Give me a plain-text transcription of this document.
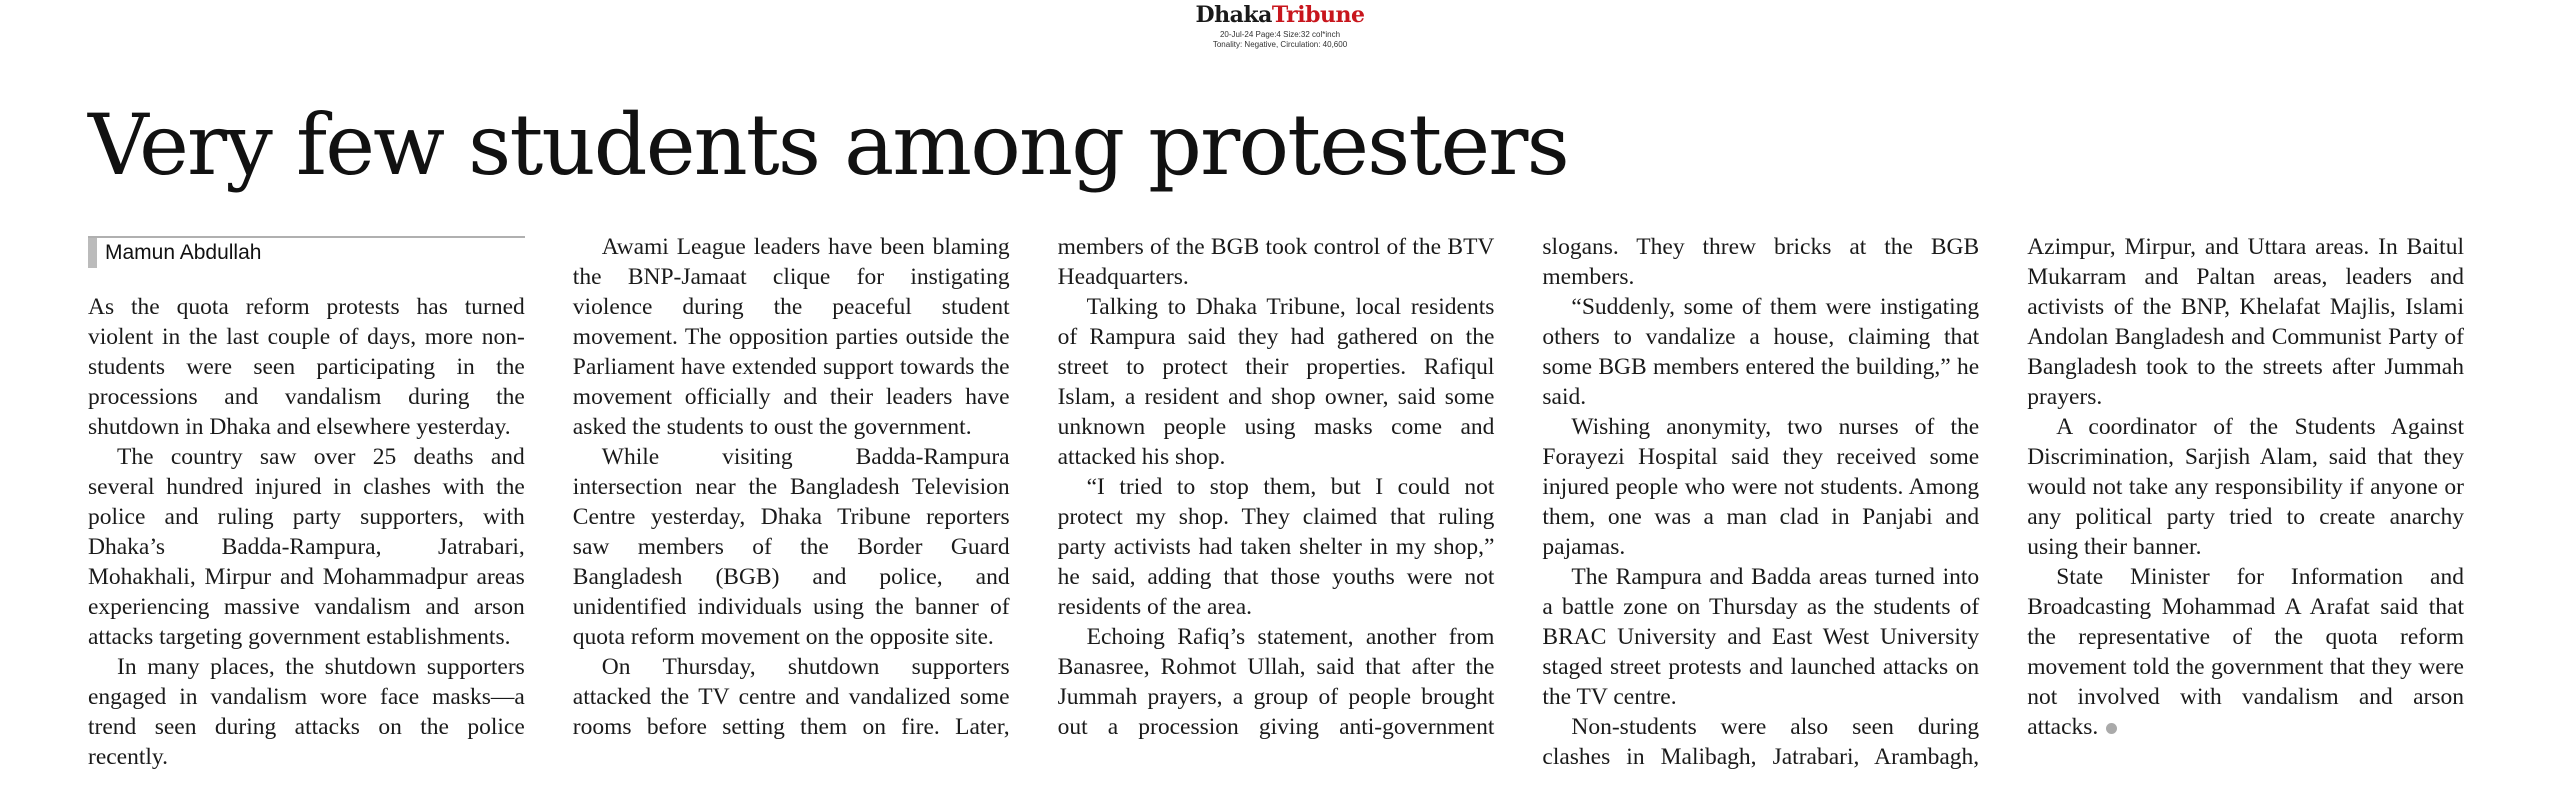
DhakaTribune
20-Jul-24 Page:4 Size:32 col*inch
Tonality: Negative, Circulation: 40,600
Very few students among protesters
Mamun Abdullah

As the quota reform protests has turned violent in the last couple of days, more non-students were seen participating in the processions and vandalism during the shutdown in Dhaka and elsewhere yesterday.

The country saw over 25 deaths and several hundred injured in clashes with the police and ruling party supporters, with Dhaka’s Badda-Rampura, Jatrabari, Mohakhali, Mirpur and Mohammadpur areas experiencing massive vandalism and arson attacks targeting government establishments.

In many places, the shutdown supporters engaged in vandalism wore face masks—a trend seen during attacks on the police recently.

Awami League leaders have been blaming the BNP-Jamaat clique for instigating violence during the peaceful student movement. The opposition parties outside the Parliament have extended support towards the movement officially and their leaders have asked the students to oust the government.

While visiting Badda-Rampura intersection near the Bangladesh Television Centre yesterday, Dhaka Tribune reporters saw members of the Border Guard Bangladesh (BGB) and police, and unidentified individuals using the banner of quota reform movement on the opposite site.

On Thursday, shutdown supporters attacked the TV centre and vandalized some rooms before setting them on fire. Later, members of the BGB took control of the BTV Headquarters.

Talking to Dhaka Tribune, local residents of Rampura said they had gathered on the street to protect their properties. Rafiqul Islam, a resident and shop owner, said some unknown people using masks come and attacked his shop.

“I tried to stop them, but I could not protect my shop. They claimed that ruling party activists had taken shelter in my shop,” he said, adding that those youths were not residents of the area.

Echoing Rafiq’s statement, another from Banasree, Rohmot Ullah, said that after the Jummah prayers, a group of people brought out a procession giving anti-government slogans. They threw bricks at the BGB members.

“Suddenly, some of them were instigating others to vandalize a house, claiming that some BGB members entered the building,” he said.

Wishing anonymity, two nurses of the Forayezi Hospital said they received some injured people who were not students. Among them, one was a man clad in Panjabi and pajamas.

The Rampura and Badda areas turned into a battle zone on Thursday as the students of BRAC University and East West University staged street protests and launched attacks on the TV centre.

Non-students were also seen during clashes in Malibagh, Jatrabari, Arambagh, Azimpur, Mirpur, and Uttara areas. In Baitul Mukarram and Paltan areas, leaders and activists of the BNP, Khelafat Majlis, Islami Andolan Bangladesh and Communist Party of Bangladesh took to the streets after Jummah prayers.

A coordinator of the Students Against Discrimination, Sarjish Alam, said that they would not take any responsibility if anyone or any political party tried to create anarchy using their banner.

State Minister for Information and Broadcasting Mohammad A Arafat said that the representative of the quota reform movement told the government that they were not involved with vandalism and arson attacks.
